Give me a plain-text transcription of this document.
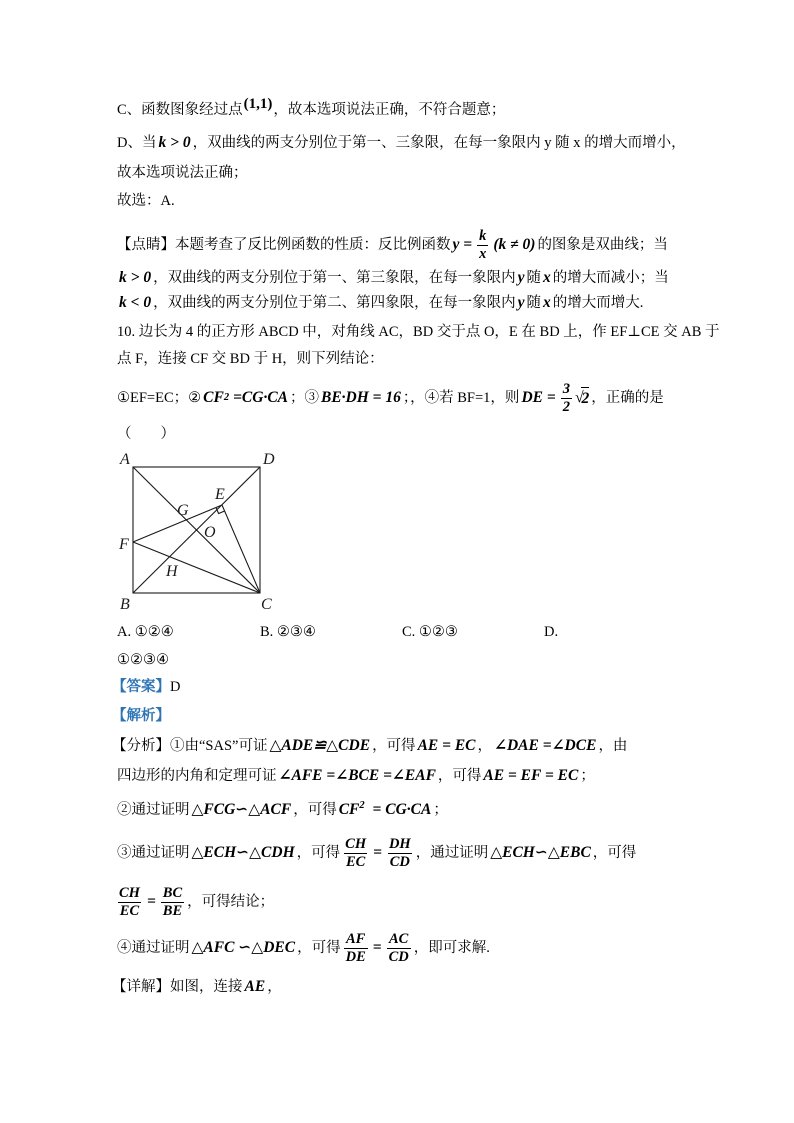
C、函数图象经过点(1,1)，故本选项说法正确，不符合题意；
D、当 k > 0 ，双曲线的两支分别位于第一、三象限，在每一象限内 y 随 x 的增大而增小，
故本选项说法正确；
故选：A.
【点睛】 本题考查了反比例函数的性质：反比例函数 $y = \frac{k}{x} (k \ne 0)$ 的图象是双曲线；当
k > 0 ，双曲线的两支分别位于第一、第三象限，在每一象限内 y 随 x 的增大而减小；当
k < 0 ，双曲线的两支分别位于第二、第四象限，在每一象限内 y 随 x 的增大而增大.
10. 边长为 4 的正方形 ABCD 中，对角线 AC，BD 交于点 O，E 在 BD 上，作 EF⊥CE 交 AB 于
点 F，连接 CF 交 BD 于 H，则下列结论：
①EF=EC；② CF 2 =CG·CA ；③ BE·DH = 16 ；，④若 BF=1，则 DE = $\frac{3}{2}$ √
2 ，正确的是
（　　）
A	D
B	C
E
G
O
F
H
A. ①②④	B. ②③④	C. ①②③	D.
①②③④
【答案】D
【解析】
【分析】①由“SAS”可证 △ADE≌△CDE ，可得 AE = EC ， ∠DAE =∠DCE ，由
四边形的内角和定理可证 ∠AFE =∠BCE =∠EAF ，可得 AE = EF = EC ；
②通过证明 △FCG∽△ACF ，可得 $CF^2 = CG\cdot CA$ ；
③通过证明 △ECH∽△CDH ，可得 $\frac{CH}{EC} = \frac{DH}{CD}$ ，通过证明 △ECH∽△EBC ，可得
$\frac{CH}{EC} = \frac{BC}{BE}$ ，可得结论；
④通过证明 △AFC ∽△DEC ，可得 $\frac{AF}{DE} = \frac{AC}{CD}$ ，即可求解.
【详解】如图，连接 AE ，
